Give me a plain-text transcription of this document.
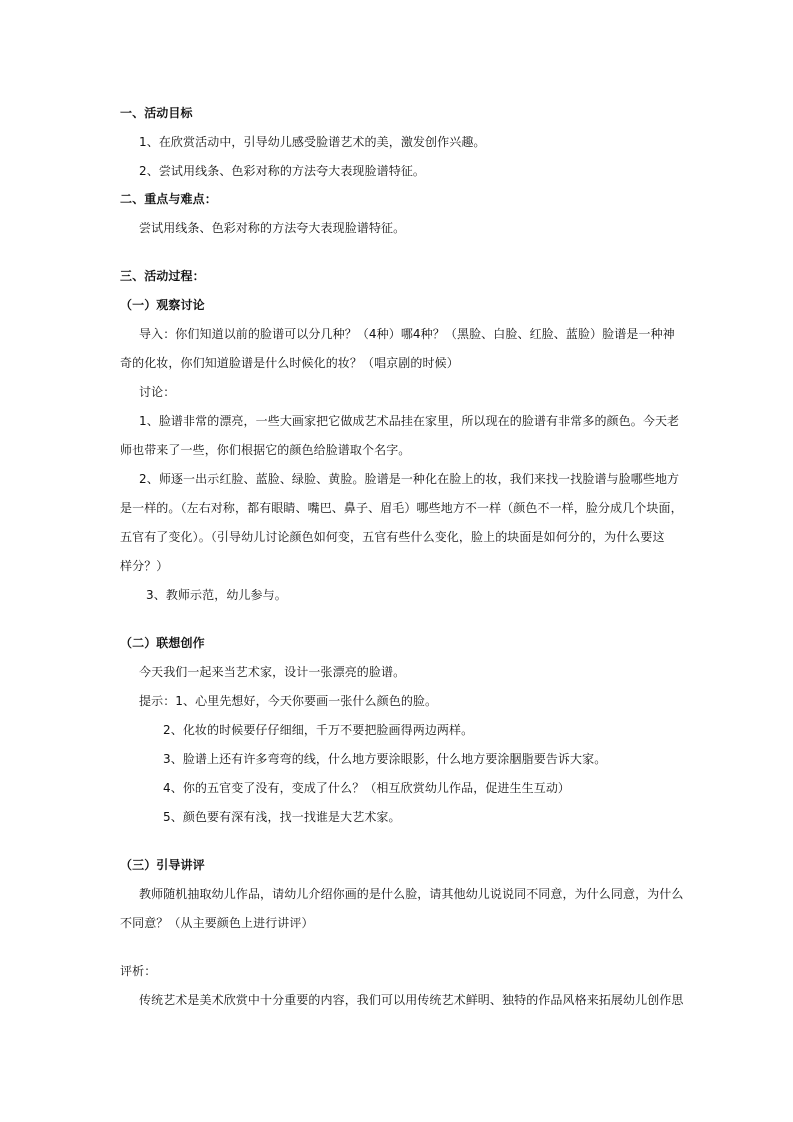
一、活动目标
1、在欣赏活动中，引导幼儿感受脸谱艺术的美，激发创作兴趣。
2、尝试用线条、色彩对称的方法夸大表现脸谱特征。
二、重点与难点：
尝试用线条、色彩对称的方法夸大表现脸谱特征。
三、活动过程：
（一）观察讨论
导入：你们知道以前的脸谱可以分几种？（4种）哪4种？（黑脸、白脸、红脸、蓝脸）脸谱是一种神
奇的化妆，你们知道脸谱是什么时候化的妆？（唱京剧的时候）
讨论：
1、脸谱非常的漂亮，一些大画家把它做成艺术品挂在家里，所以现在的脸谱有非常多的颜色。今天老
师也带来了一些，你们根据它的颜色给脸谱取个名字。
2、师逐一出示红脸、蓝脸、绿脸、黄脸。脸谱是一种化在脸上的妆，我们来找一找脸谱与脸哪些地方
是一样的。（左右对称，都有眼睛、嘴巴、鼻子、眉毛）哪些地方不一样（颜色不一样，脸分成几个块面，
五官有了变化）。（引导幼儿讨论颜色如何变，五官有些什么变化，脸上的块面是如何分的，为什么要这
样分？）
3、教师示范，幼儿参与。
（二）联想创作
今天我们一起来当艺术家，设计一张漂亮的脸谱。
提示：1、心里先想好，今天你要画一张什么颜色的脸。
2、化妆的时候要仔仔细细，千万不要把脸画得两边两样。
3、脸谱上还有许多弯弯的线，什么地方要涂眼影，什么地方要涂胭脂要告诉大家。
4、你的五官变了没有，变成了什么？（相互欣赏幼儿作品，促进生生互动）
5、颜色要有深有浅，找一找谁是大艺术家。
（三）引导讲评
教师随机抽取幼儿作品，请幼儿介绍你画的是什么脸，请其他幼儿说说同不同意，为什么同意，为什么
不同意？（从主要颜色上进行讲评）
评析：
传统艺术是美术欣赏中十分重要的内容，我们可以用传统艺术鲜明、独特的作品风格来拓展幼儿创作思
